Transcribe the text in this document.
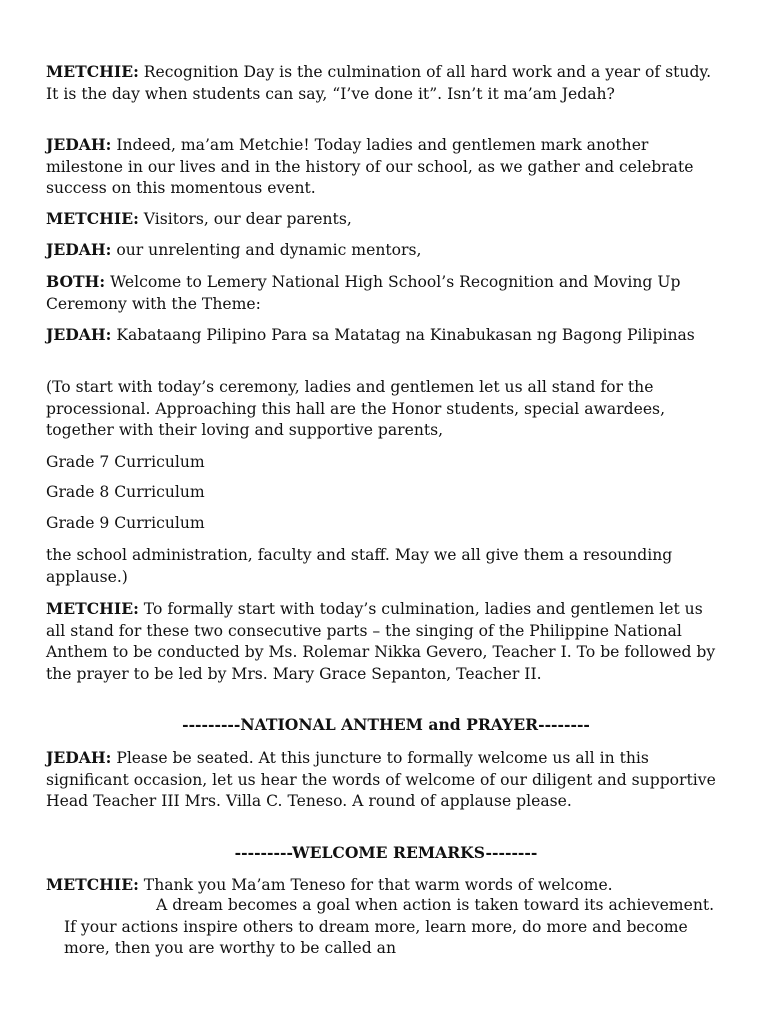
METCHIE: Recognition Day is the culmination of all hard work and a year of study. It is the day when students can say, “I’ve done it”. Isn’t it ma’am Jedah?

JEDAH: Indeed, ma’am Metchie! Today ladies and gentlemen mark another milestone in our lives and in the history of our school, as we gather and celebrate success on this momentous event.

METCHIE: Visitors, our dear parents,

JEDAH: our unrelenting and dynamic mentors,

BOTH: Welcome to Lemery National High School’s Recognition and Moving Up Ceremony with the Theme:

JEDAH: Kabataang Pilipino Para sa Matatag na Kinabukasan ng Bagong Pilipinas

(To start with today’s ceremony, ladies and gentlemen let us all stand for the processional. Approaching this hall are the Honor students, special awardees, together with their loving and supportive parents,

Grade 7 Curriculum

Grade 8 Curriculum

Grade 9 Curriculum

the school administration, faculty and staff. May we all give them a resounding applause.)

METCHIE: To formally start with today’s culmination, ladies and gentlemen let us all stand for these two consecutive parts – the singing of the Philippine National Anthem to be conducted by Ms. Rolemar Nikka Gevero, Teacher I. To be followed by the prayer to be led by Mrs. Mary Grace Sepanton, Teacher II.

---------NATIONAL ANTHEM and PRAYER--------

JEDAH: Please be seated. At this juncture to formally welcome us all in this significant occasion, let us hear the words of welcome of our diligent and supportive Head Teacher III Mrs. Villa C. Teneso. A round of applause please.

---------WELCOME REMARKS--------

METCHIE: Thank you Ma’am Teneso for that warm words of welcome.

A dream becomes a goal when action is taken toward its achievement. If your actions inspire others to dream more, learn more, do more and become more, then you are worthy to be called an
